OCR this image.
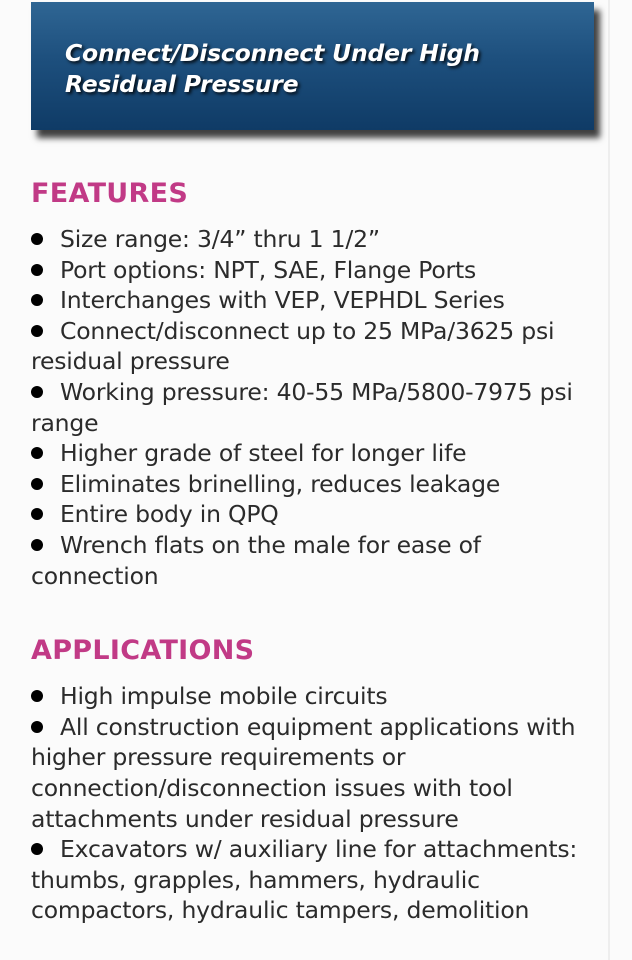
Connect/Disconnect Under High Residual Pressure
FEATURES
Size range: 3/4” thru 1 1/2”
Port options: NPT, SAE, Flange Ports
Interchanges with VEP, VEPHDL Series
Connect/disconnect up to 25 MPa/3625 psi residual pressure
Working pressure: 40-55 MPa/5800-7975 psi range
Higher grade of steel for longer life
Eliminates brinelling, reduces leakage
Entire body in QPQ
Wrench flats on the male for ease of connection
APPLICATIONS
High impulse mobile circuits
All construction equipment applications with higher pressure requirements or connection/disconnection issues with tool attachments under residual pressure
Excavators w/ auxiliary line for attachments: thumbs, grapples, hammers, hydraulic compactors, hydraulic tampers, demolition
